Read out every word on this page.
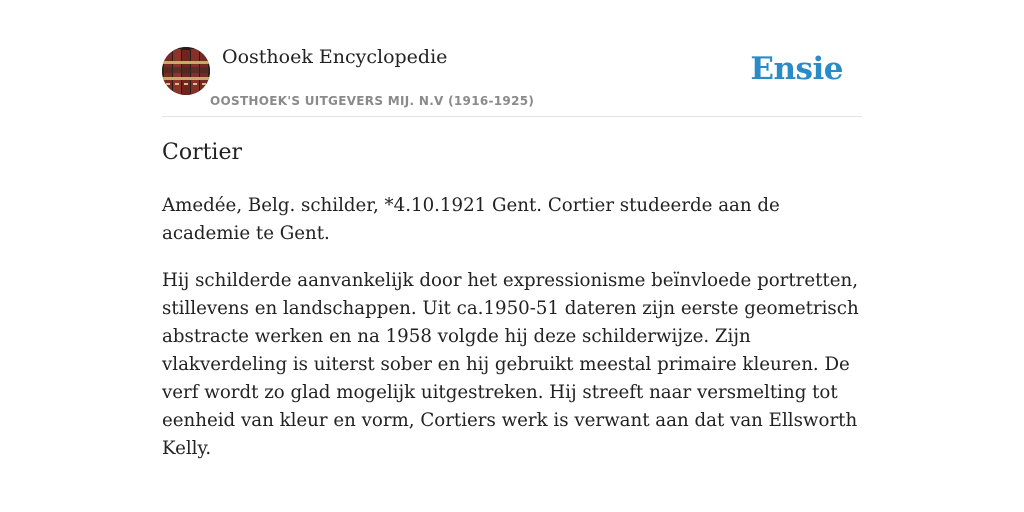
Oosthoek Encyclopedie
OOSTHOEK'S UITGEVERS MIJ. N.V (1916-1925)
Ensie
Cortier

Amedée, Belg. schilder, *4.10.1921 Gent. Cortier studeerde aan de academie te Gent.

Hij schilderde aanvankelijk door het expressionisme beïnvloede portretten, stillevens en landschappen. Uit ca.1950-51 dateren zijn eerste geometrisch abstracte werken en na 1958 volgde hij deze schilderwijze. Zijn vlakverdeling is uiterst sober en hij gebruikt meestal primaire kleuren. De verf wordt zo glad mogelijk uitgestreken. Hij streeft naar versmelting tot eenheid van kleur en vorm, Cortiers werk is verwant aan dat van Ellsworth Kelly.
